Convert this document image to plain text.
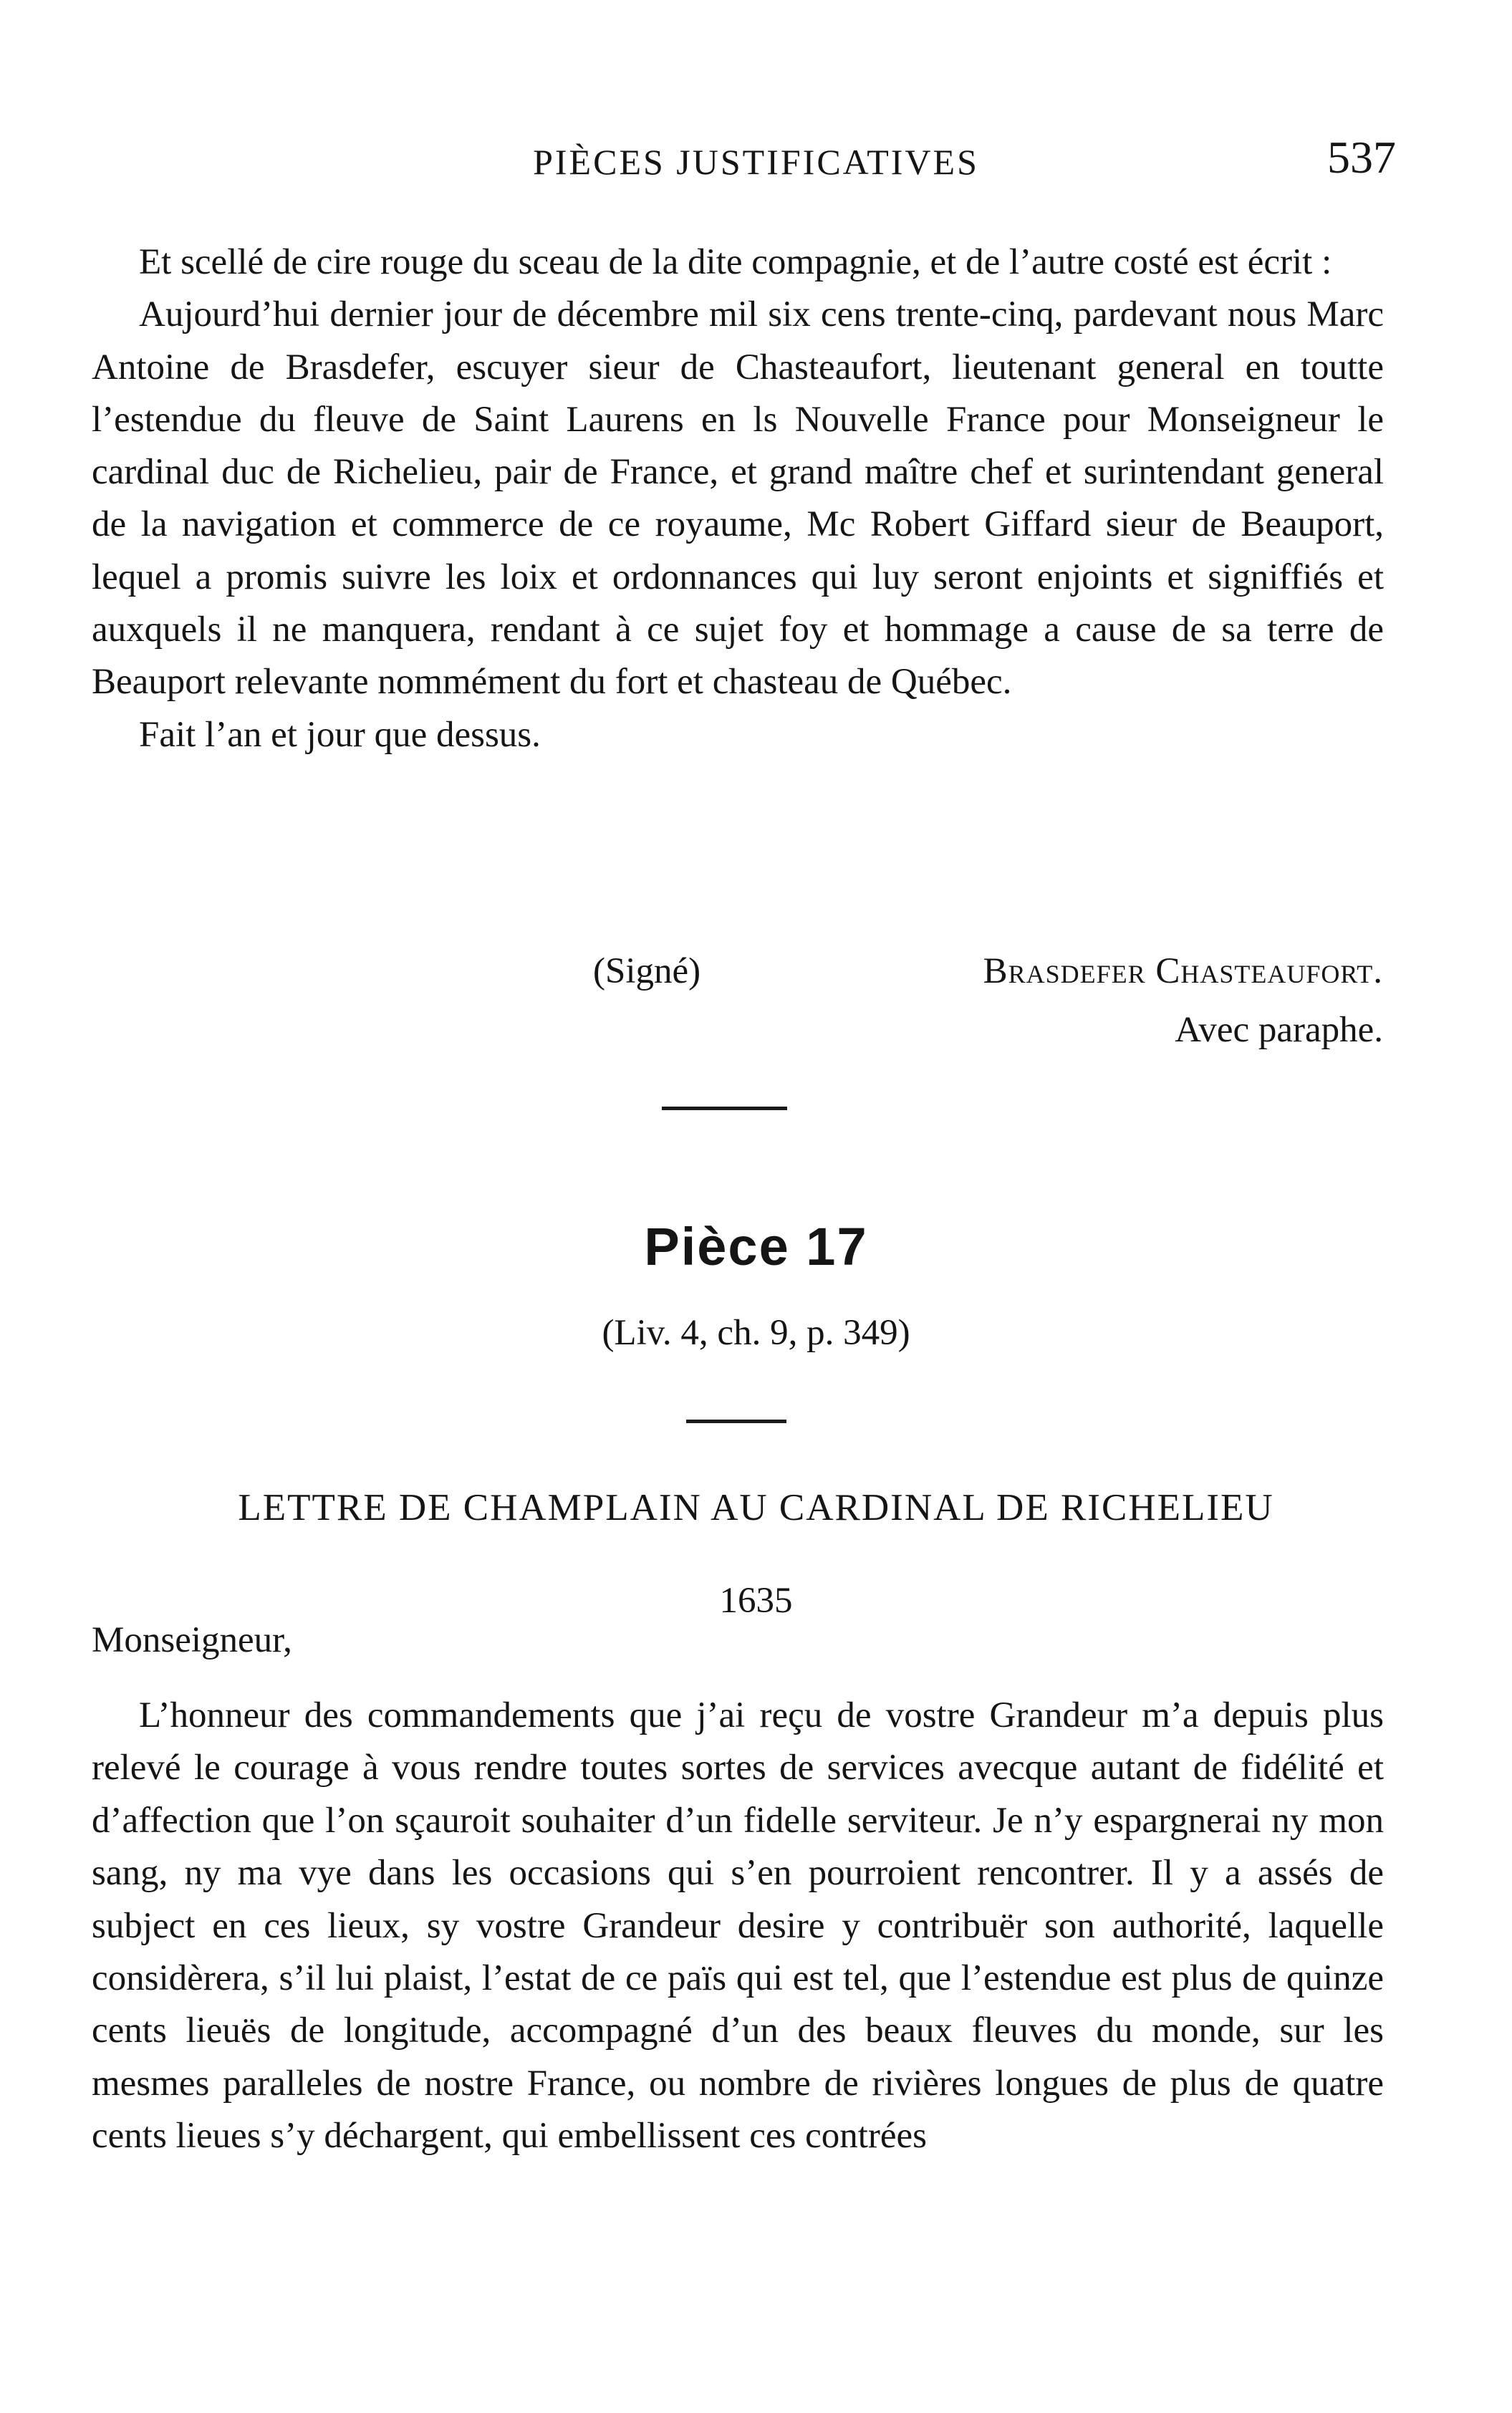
PIÈCES JUSTIFICATIVES	537

Et scellé de cire rouge du sceau de la dite compagnie, et de l’autre costé est écrit :

Aujourd’hui dernier jour de décembre mil six cens trente-cinq, pardevant nous Marc Antoine de Brasdefer, escuyer sieur de Chasteaufort, lieutenant general en toutte l’estendue du fleuve de Saint Laurens en ls Nouvelle France pour Monseigneur le cardinal duc de Richelieu, pair de France, et grand maître chef et surintendant general de la navigation et commerce de ce royaume, Mc Robert Giffard sieur de Beauport, lequel a promis suivre les loix et ordonnances qui luy seront enjoints et signiffiés et auxquels il ne manquera, rendant à ce sujet foy et hommage a cause de sa terre de Beauport relevante nommément du fort et chasteau de Québec.

Fait l’an et jour que dessus.

(Signé)	Brasdefer Chasteaufort.
Avec paraphe.
Pièce 17
(Liv. 4, ch. 9, p. 349)
LETTRE DE CHAMPLAIN AU CARDINAL DE RICHELIEU
1635
Monseigneur,

L’honneur des commandements que j’ai reçu de vostre Grandeur m’a depuis plus relevé le courage à vous rendre toutes sortes de services avecque autant de fidélité et d’affection que l’on sçauroit souhaiter d’un fidelle serviteur. Je n’y espargnerai ny mon sang, ny ma vye dans les occasions qui s’en pourroient rencontrer. Il y a assés de subject en ces lieux, sy vostre Grandeur desire y contribuër son authorité, laquelle considèrera, s’il lui plaist, l’estat de ce païs qui est tel, que l’estendue est plus de quinze cents lieuës de longitude, accompagné d’un des beaux fleuves du monde, sur les mesmes paralleles de nostre France, ou nombre de rivières longues de plus de quatre cents lieues s’y déchargent, qui embellissent ces contrées
